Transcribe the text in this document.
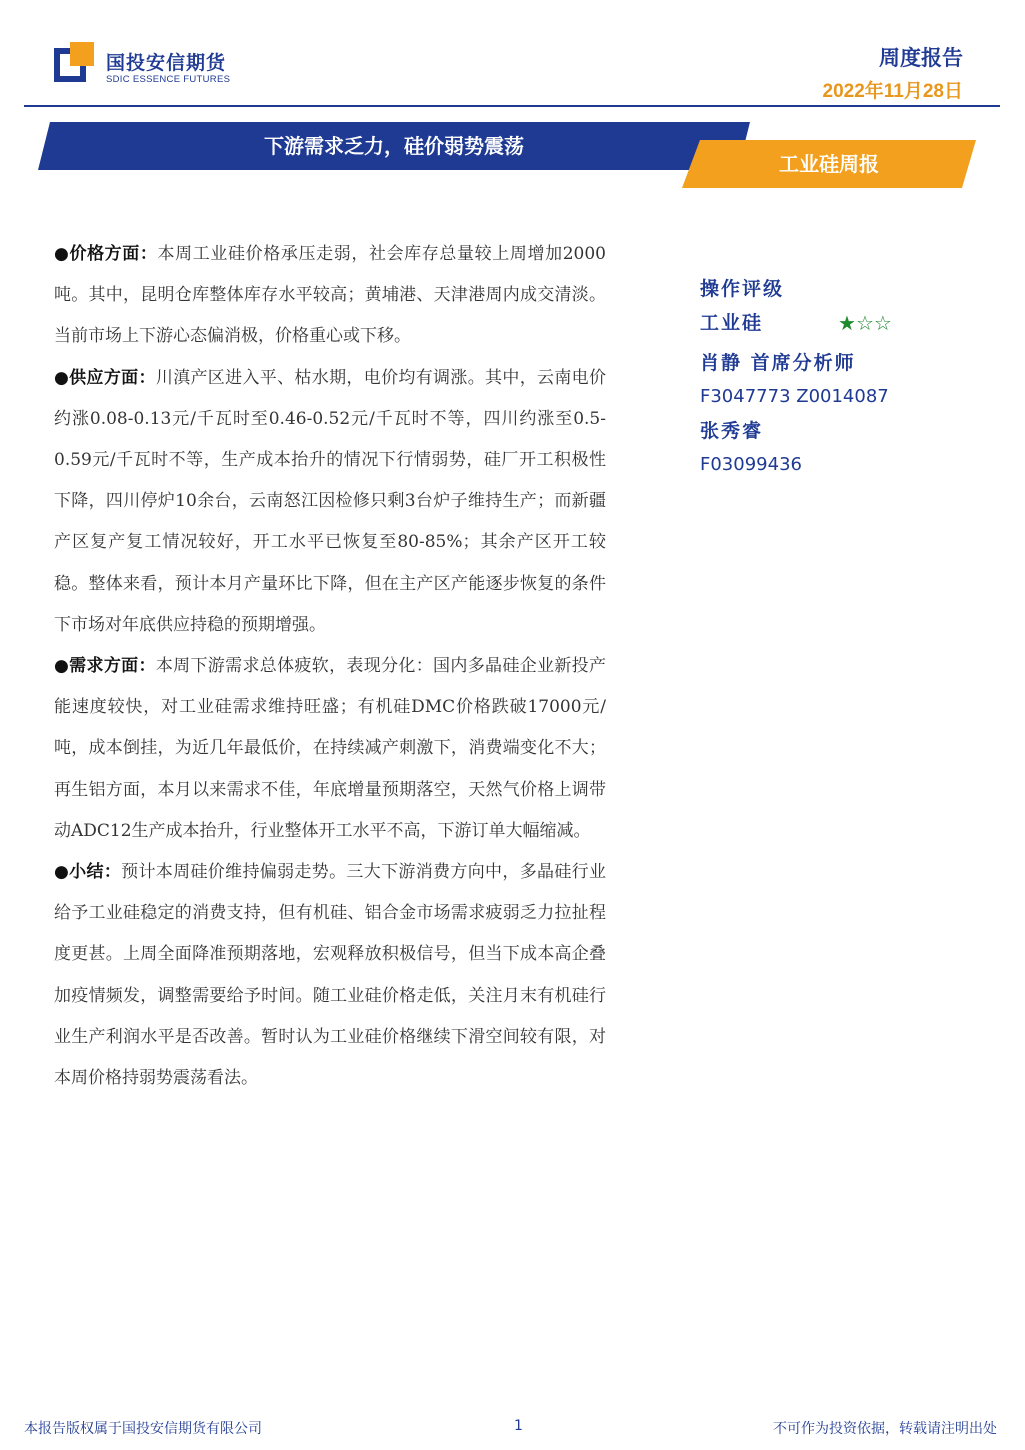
国投安信期货
SDIC ESSENCE FUTURES
周度报告
2022年11月28日
下游需求乏力，硅价弱势震荡
工业硅周报

●价格方面：本周工业硅价格承压走弱，社会库存总量较上周增加2000吨。其中，昆明仓库整体库存水平较高；黄埔港、天津港周内成交清淡。当前市场上下游心态偏消极，价格重心或下移。

●供应方面：川滇产区进入平、枯水期，电价均有调涨。其中，云南电价约涨0.08-0.13元/千瓦时至0.46-0.52元/千瓦时不等，四川约涨至0.5-0.59元/千瓦时不等，生产成本抬升的情况下行情弱势，硅厂开工积极性下降，四川停炉10余台，云南怒江因检修只剩3台炉子维持生产；而新疆产区复产复工情况较好，开工水平已恢复至80-85%；其余产区开工较稳。整体来看，预计本月产量环比下降，但在主产区产能逐步恢复的条件下市场对年底供应持稳的预期增强。

●需求方面：本周下游需求总体疲软，表现分化：国内多晶硅企业新投产能速度较快，对工业硅需求维持旺盛；有机硅DMC价格跌破17000元/吨，成本倒挂，为近几年最低价，在持续减产刺激下，消费端变化不大；再生铝方面，本月以来需求不佳，年底增量预期落空，天然气价格上调带动ADC12生产成本抬升，行业整体开工水平不高，下游订单大幅缩减。

●小结：预计本周硅价维持偏弱走势。三大下游消费方向中，多晶硅行业给予工业硅稳定的消费支持，但有机硅、铝合金市场需求疲弱乏力拉扯程度更甚。上周全面降准预期落地，宏观释放积极信号，但当下成本高企叠加疫情频发，调整需要给予时间。随工业硅价格走低，关注月末有机硅行业生产利润水平是否改善。暂时认为工业硅价格继续下滑空间较有限，对本周价格持弱势震荡看法。

操作评级
工业硅	★☆☆
肖静 首席分析师
F3047773 Z0014087
张秀睿
F03099436
本报告版权属于国投安信期货有限公司	1	不可作为投资依据，转载请注明出处
